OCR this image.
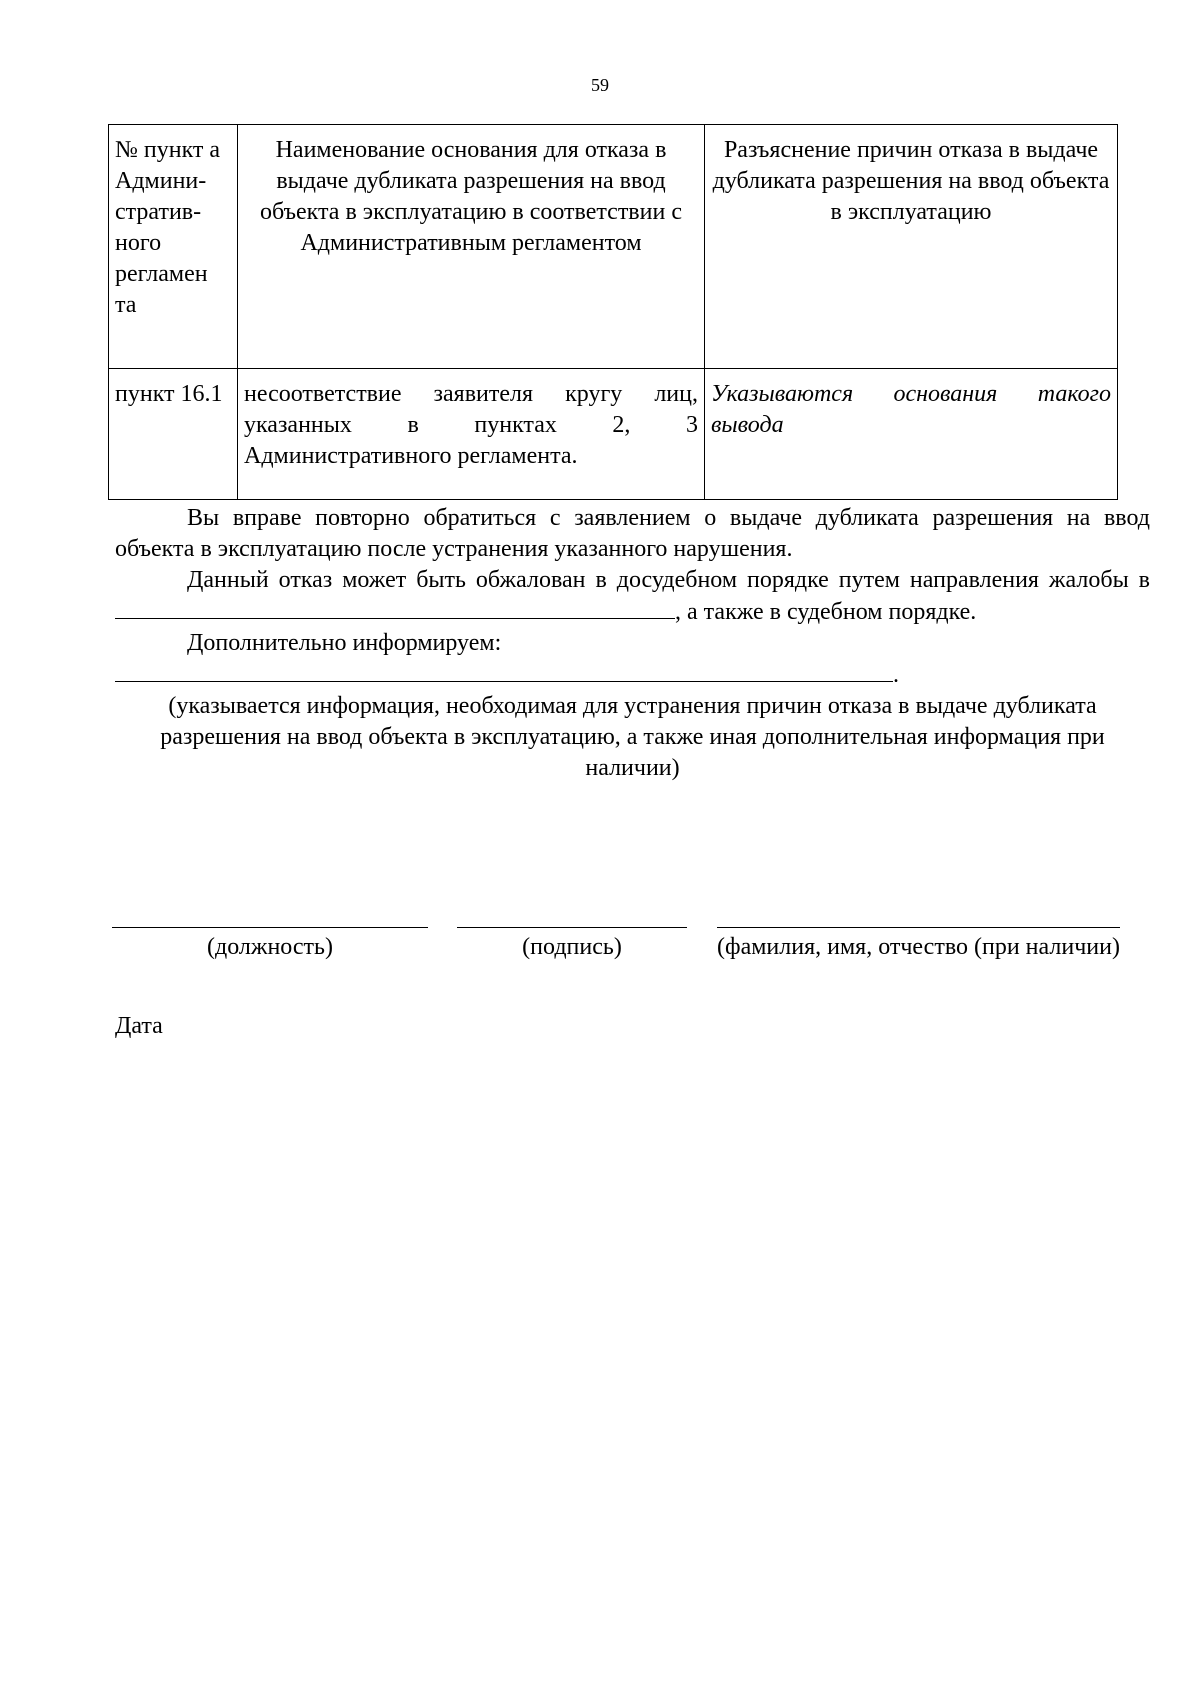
59
№ пункт а Админи- стратив- ного регламен та	Наименование основания для отказа в выдаче дубликата разрешения на ввод объекта в эксплуатацию в соответствии с Административным регламентом	Разъяснение причин отказа в выдаче дубликата разрешения на ввод объекта в эксплуатацию
пункт 16.1	несоответствие заявителя кругу лиц, указанных в пунктах 2, 3 Административного регламента.	Указываются основания такого вывода

Вы вправе повторно обратиться с заявлением о выдаче дубликата разрешения на ввод объекта в эксплуатацию после устранения указанного нарушения.

Данный отказ может быть обжалован в досудебном порядке путем направления жалобы в , а также в судебном порядке.

Дополнительно информируем:.

(указывается информация, необходимая для устранения причин отказа в выдаче дубликата разрешения на ввод объекта в эксплуатацию, а также иная дополнительная информация при наличии)

(должность)	(подпись)	(фамилия, имя, отчество (при наличии)
Дата
